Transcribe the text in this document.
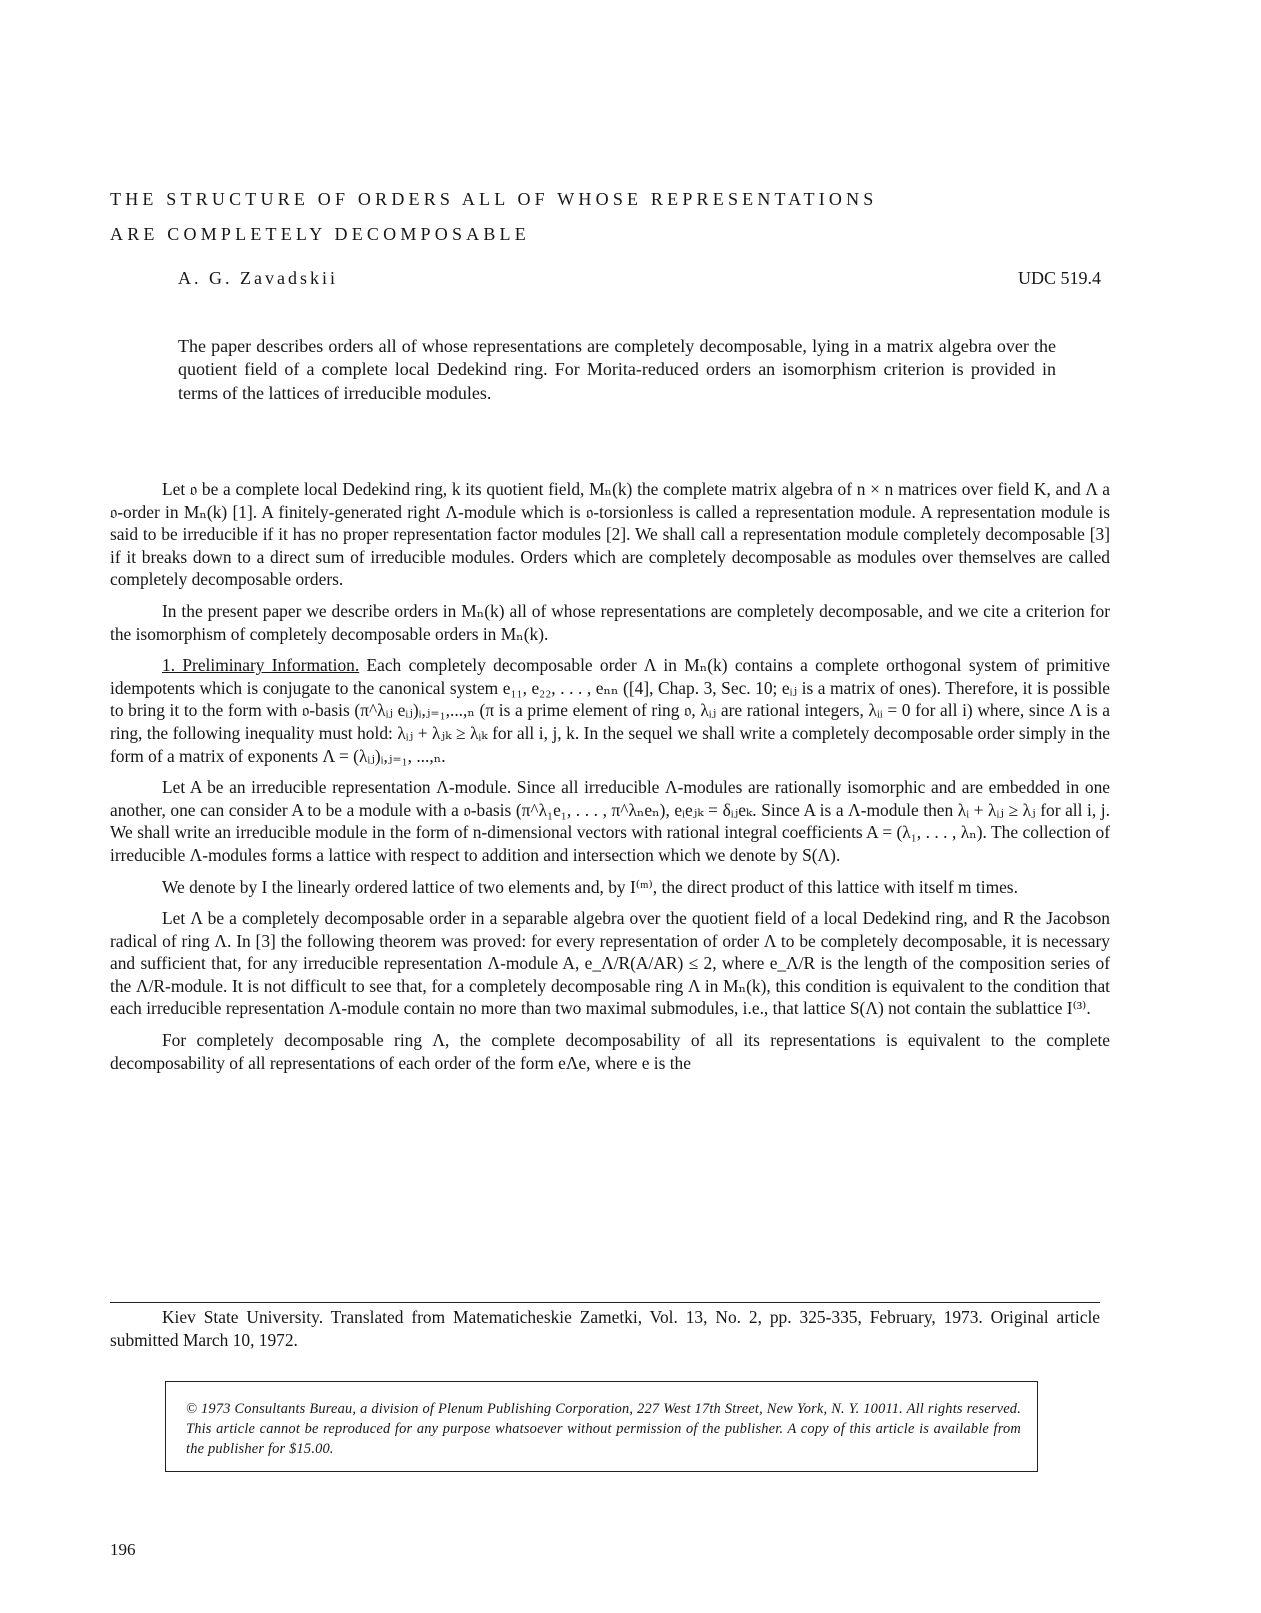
THE STRUCTURE OF ORDERS ALL OF WHOSE REPRESENTATIONS
ARE COMPLETELY DECOMPOSABLE
A. G. Zavadskii	UDC 519.4

The paper describes orders all of whose representations are completely decomposable, lying in a matrix algebra over the quotient field of a complete local Dedekind ring. For Morita-reduced orders an isomorphism criterion is provided in terms of the lattices of irreducible modules.

Let 𝔬 be a complete local Dedekind ring, k its quotient field, Mₙ(k) the complete matrix algebra of n × n matrices over field K, and Λ a 𝔬-order in Mₙ(k) [1]. A finitely-generated right Λ-module which is 𝔬-torsionless is called a representation module. A representation module is said to be irreducible if it has no proper representation factor modules [2]. We shall call a representation module completely decomposable [3] if it breaks down to a direct sum of irreducible modules. Orders which are completely decomposable as modules over themselves are called completely decomposable orders.

In the present paper we describe orders in Mₙ(k) all of whose representations are completely decomposable, and we cite a criterion for the isomorphism of completely decomposable orders in Mₙ(k).

1. Preliminary Information. Each completely decomposable order Λ in Mₙ(k) contains a complete orthogonal system of primitive idempotents which is conjugate to the canonical system e₁₁, e₂₂, . . . , eₙₙ ([4], Chap. 3, Sec. 10; eᵢⱼ is a matrix of ones). Therefore, it is possible to bring it to the form with 𝔬-basis (π^λᵢⱼ eᵢⱼ)ᵢ,ⱼ₌₁,...,ₙ (π is a prime element of ring 𝔬, λᵢⱼ are rational integers, λᵢᵢ = 0 for all i) where, since Λ is a ring, the following inequality must hold: λᵢⱼ + λⱼₖ ≥ λᵢₖ for all i, j, k. In the sequel we shall write a completely decomposable order simply in the form of a matrix of exponents Λ = (λᵢⱼ)ᵢ,ⱼ₌₁, ...,ₙ.

Let A be an irreducible representation Λ-module. Since all irreducible Λ-modules are rationally isomorphic and are embedded in one another, one can consider A to be a module with a 𝔬-basis (π^λ₁e₁, . . . , π^λₙeₙ), eᵢeⱼₖ = δᵢⱼeₖ. Since A is a Λ-module then λᵢ + λᵢⱼ ≥ λⱼ for all i, j. We shall write an irreducible module in the form of n-dimensional vectors with rational integral coefficients A = (λ₁, . . . , λₙ). The collection of irreducible Λ-modules forms a lattice with respect to addition and intersection which we denote by S(Λ).

We denote by I the linearly ordered lattice of two elements and, by I⁽ᵐ⁾, the direct product of this lattice with itself m times.

Let Λ be a completely decomposable order in a separable algebra over the quotient field of a local Dedekind ring, and R the Jacobson radical of ring Λ. In [3] the following theorem was proved: for every representation of order Λ to be completely decomposable, it is necessary and sufficient that, for any irreducible representation Λ-module A, e_Λ/R(A/AR) ≤ 2, where e_Λ/R is the length of the composition series of the Λ/R-module. It is not difficult to see that, for a completely decomposable ring Λ in Mₙ(k), this condition is equivalent to the condition that each irreducible representation Λ-module contain no more than two maximal submodules, i.e., that lattice S(Λ) not contain the sublattice I⁽³⁾.

For completely decomposable ring Λ, the complete decomposability of all its representations is equivalent to the complete decomposability of all representations of each order of the form eΛe, where e is the

Kiev State University. Translated from Matematicheskie Zametki, Vol. 13, No. 2, pp. 325-335, February, 1973. Original article submitted March 10, 1972.

© 1973 Consultants Bureau, a division of Plenum Publishing Corporation, 227 West 17th Street, New York, N. Y. 10011. All rights reserved. This article cannot be reproduced for any purpose whatsoever without permission of the publisher. A copy of this article is available from the publisher for $15.00.

196
